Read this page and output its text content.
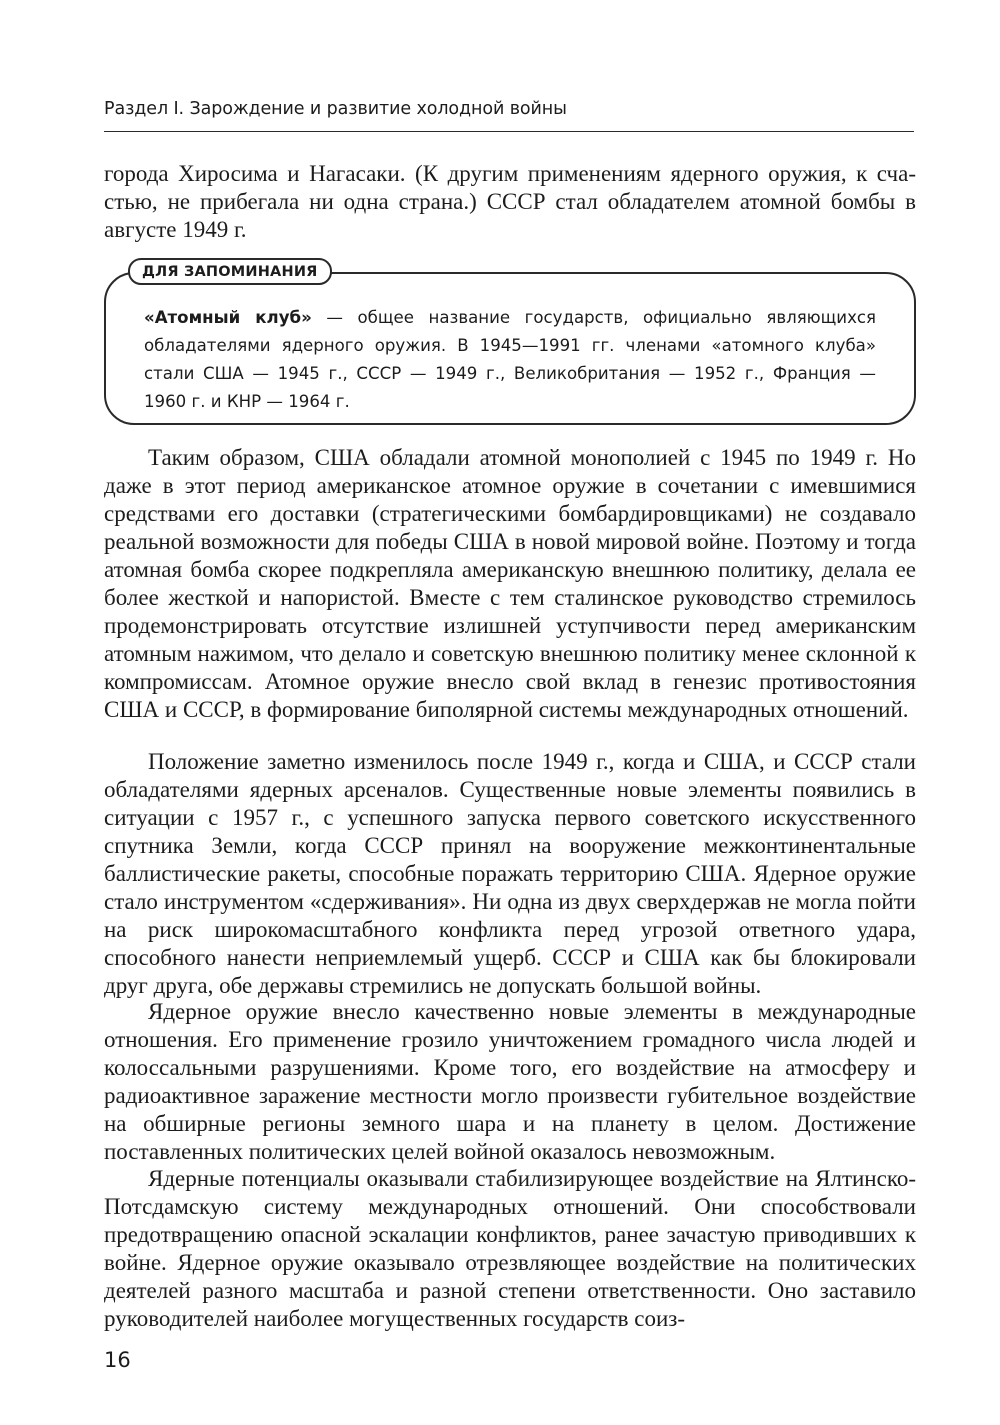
Раздел I. Зарождение и развитие холодной войны

города Хиросима и Нагасаки. (К другим применениям ядерного оружия, к счастью, не прибегала ни одна страна.) СССР стал обладателем атомной бомбы в августе 1949 г.

ДЛЯ ЗАПОМИНАНИЯ

«Атомный клуб» — общее название государств, официально являющихся обладателями ядерного оружия. В 1945—1991 гг. членами «атомного клуба» стали США — 1945 г., СССР — 1949 г., Великобритания — 1952 г., Франция — 1960 г. и КНР — 1964 г.

Таким образом, США обладали атомной монополией с 1945 по 1949 г. Но даже в этот период американское атомное оружие в сочетании с имевшимися средствами его доставки (стратегическими бомбардировщиками) не создавало реальной возможности для победы США в новой мировой войне. Поэтому и тогда атомная бомба скорее подкрепляла американскую внешнюю политику, делала ее более жесткой и напористой. Вместе с тем сталинское руководство стремилось продемонстрировать отсутствие излишней уступчивости перед американским атомным нажимом, что делало и советскую внешнюю политику менее склонной к компромиссам. Атомное оружие внесло свой вклад в генезис противостояния США и СССР, в формирование биполярной системы международных отношений.

Положение заметно изменилось после 1949 г., когда и США, и СССР стали обладателями ядерных арсеналов. Существенные новые элементы появились в ситуации с 1957 г., с успешного запуска первого советского искусственного спутника Земли, когда СССР принял на вооружение межконтинентальные баллистические ракеты, способные поражать территорию США. Ядерное оружие стало инструментом «сдерживания». Ни одна из двух сверхдержав не могла пойти на риск широкомасштабного конфликта перед угрозой ответного удара, способного нанести неприемлемый ущерб. СССР и США как бы блокировали друг друга, обе державы стремились не допускать большой войны.

Ядерное оружие внесло качественно новые элементы в международные отношения. Его применение грозило уничтожением громадного числа людей и колоссальными разрушениями. Кроме того, его воздействие на атмосферу и радиоактивное заражение местности могло произвести губительное воздействие на обширные регионы земного шара и на планету в целом. Достижение поставленных политических целей войной оказалось невозможным.

Ядерные потенциалы оказывали стабилизирующее воздействие на Ялтинско-Потсдамскую систему международных отношений. Они способствовали предотвращению опасной эскалации конфликтов, ранее зачастую приводивших к войне. Ядерное оружие оказывало отрезвляющее воздействие на политических деятелей разного масштаба и разной степени ответственности. Оно заставило руководителей наиболее могущественных государств соиз-

16
